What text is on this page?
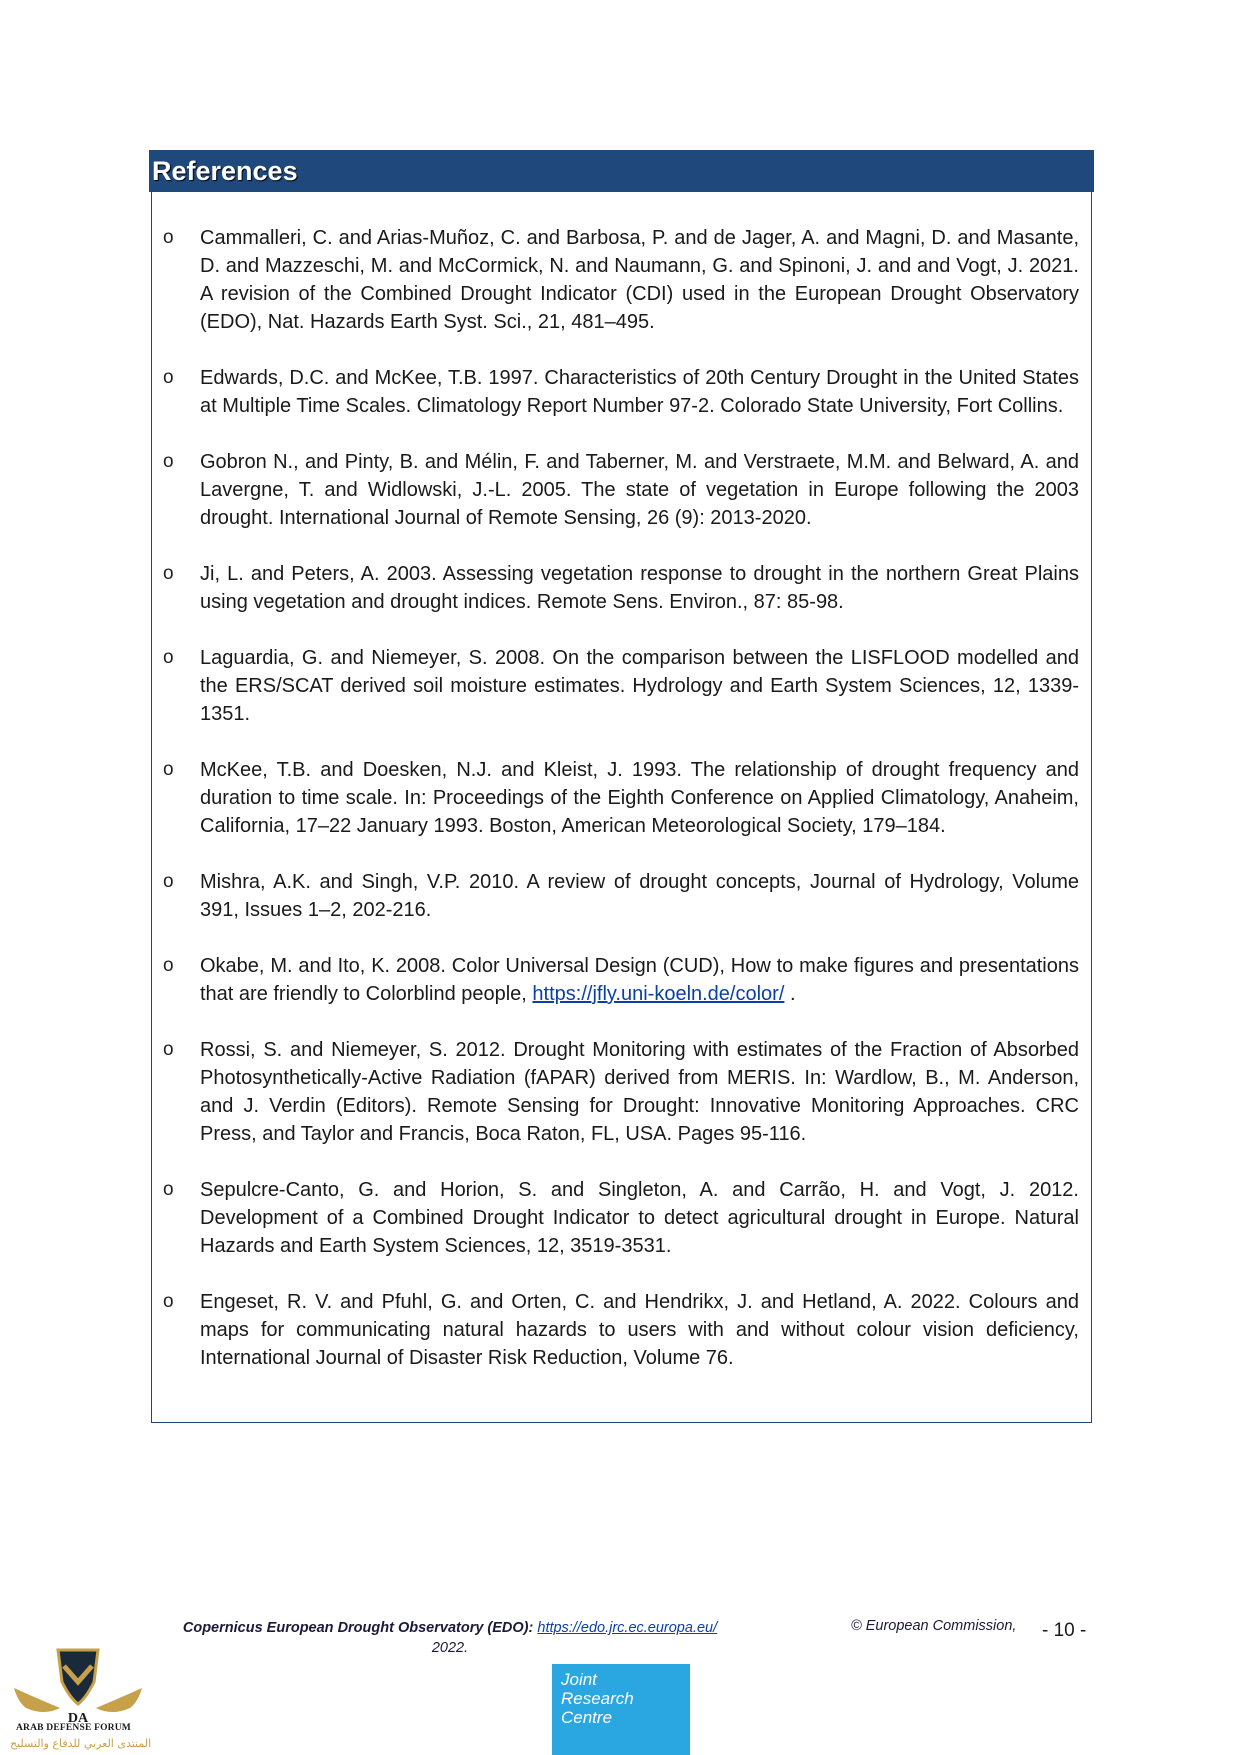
References
o Cammalleri, C. and Arias-Muñoz, C. and Barbosa, P. and de Jager, A. and Magni, D. and Masante, D. and Mazzeschi, M. and McCormick, N. and Naumann, G. and Spinoni, J. and and Vogt, J. 2021. A revision of the Combined Drought Indicator (CDI) used in the European Drought Observatory (EDO), Nat. Hazards Earth Syst. Sci., 21, 481–495.
o Edwards, D.C. and McKee, T.B. 1997. Characteristics of 20th Century Drought in the United States at Multiple Time Scales. Climatology Report Number 97-2. Colorado State University, Fort Collins.
o Gobron N., and Pinty, B. and Mélin, F. and Taberner, M. and Verstraete, M.M. and Belward, A. and Lavergne, T. and Widlowski, J.-L. 2005. The state of vegetation in Europe following the 2003 drought. International Journal of Remote Sensing, 26 (9): 2013-2020.
o Ji, L. and Peters, A. 2003. Assessing vegetation response to drought in the northern Great Plains using vegetation and drought indices. Remote Sens. Environ., 87: 85-98.
o Laguardia, G. and Niemeyer, S. 2008. On the comparison between the LISFLOOD modelled and the ERS/SCAT derived soil moisture estimates. Hydrology and Earth System Sciences, 12, 1339-1351.
o McKee, T.B. and Doesken, N.J. and Kleist, J. 1993. The relationship of drought frequency and duration to time scale. In: Proceedings of the Eighth Conference on Applied Climatology, Anaheim, California, 17–22 January 1993. Boston, American Meteorological Society, 179–184.
o Mishra, A.K. and Singh, V.P. 2010. A review of drought concepts, Journal of Hydrology, Volume 391, Issues 1–2, 202-216.
o Okabe, M. and Ito, K. 2008. Color Universal Design (CUD), How to make figures and presentations that are friendly to Colorblind people, https://jfly.uni-koeln.de/color/ .
o Rossi, S. and Niemeyer, S. 2012. Drought Monitoring with estimates of the Fraction of Absorbed Photosynthetically-Active Radiation (fAPAR) derived from MERIS. In: Wardlow, B., M. Anderson, and J. Verdin (Editors). Remote Sensing for Drought: Innovative Monitoring Approaches. CRC Press, and Taylor and Francis, Boca Raton, FL, USA. Pages 95-116.
o Sepulcre-Canto, G. and Horion, S. and Singleton, A. and Carrão, H. and Vogt, J. 2012. Development of a Combined Drought Indicator to detect agricultural drought in Europe. Natural Hazards and Earth System Sciences, 12, 3519-3531.
o Engeset, R. V. and Pfuhl, G. and Orten, C. and Hendrikx, J. and Hetland, A. 2022. Colours and maps for communicating natural hazards to users with and without colour vision deficiency, International Journal of Disaster Risk Reduction, Volume 76.
Copernicus European Drought Observatory (EDO): https://edo.jrc.ec.europa.eu/
2022.
© European Commission, - 10 -
Joint
Research
Centre
DA
ARAB DEFENSE FORUM
المنتدى العربي للدفاع والتسليح
